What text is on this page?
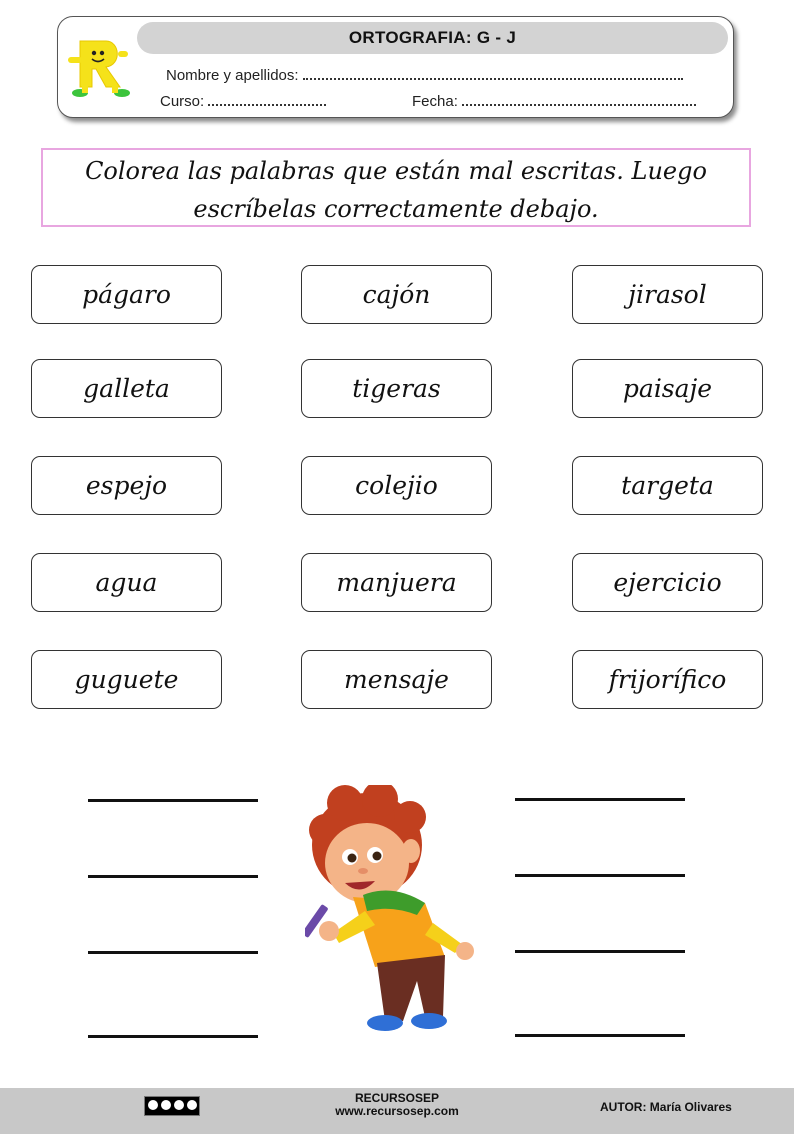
ORTOGRAFIA: G - J
Nombre y apellidos:
Curso:	Fecha:
Colorea las palabras que están mal escritas. Luego
escríbelas correctamente debajo.
págaro	cajón	jirasol
galleta	tigeras	paisaje
espejo	colejio	targeta
agua	manjuera	ejercicio
guguete	mensaje	frijorífico
RECURSOSEP
www.recursosep.com	AUTOR: María Olivares
